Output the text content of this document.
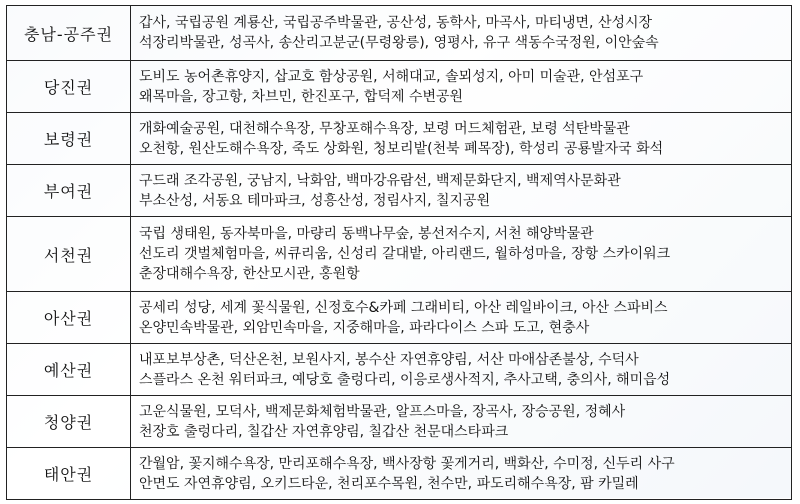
충남-공주권	갑사, 국립공원 계룡산, 국립공주박물관, 공산성, 동학사, 마곡사, 마티냉면, 산성시장
석장리박물관, 성곡사, 송산리고분군(무령왕릉), 영평사, 유구 색동수국정원, 이안숲속

당진권	도비도 농어촌휴양지, 삽교호 함상공원, 서해대교, 솔뫼성지, 아미 미술관, 안섬포구
왜목마을, 장고항, 차브민, 한진포구, 합덕제 수변공원

보령권	개화예술공원, 대천해수욕장, 무창포해수욕장, 보령 머드체험관, 보령 석탄박물관
오천항, 원산도해수욕장, 죽도 상화원, 청보리밭(천북 폐목장), 학성리 공룡발자국 화석

부여권	구드래 조각공원, 궁남지, 낙화암, 백마강유람선, 백제문화단지, 백제역사문화관
부소산성, 서동요 테마파크, 성흥산성, 정림사지, 칠지공원

서천권	국립 생태원, 동자북마을, 마량리 동백나무숲, 봉선저수지, 서천 해양박물관
선도리 갯벌체험마을, 씨큐리움, 신성리 갈대밭, 아리랜드, 월하성마을, 장항 스카이워크
춘장대해수욕장, 한산모시관, 홍원항

아산권	공세리 성당, 세계 꽃식물원, 신정호수&카페 그래비티, 아산 레일바이크, 아산 스파비스
온양민속박물관, 외암민속마을, 지중해마을, 파라다이스 스파 도고, 현충사

예산권	내포보부상촌, 덕산온천, 보원사지, 봉수산 자연휴양림, 서산 마애삼존불상, 수덕사
스플라스 온천 워터파크, 예당호 출렁다리, 이응로생사적지, 추사고택, 충의사, 해미읍성

청양권	고운식물원, 모덕사, 백제문화체험박물관, 알프스마을, 장곡사, 장승공원, 정혜사
천장호 출렁다리, 칠갑산 자연휴양림, 칠갑산 천문대스타파크

태안권	간월암, 꽃지해수욕장, 만리포해수욕장, 백사장항 꽃게거리, 백화산, 수미정, 신두리 사구
안면도 자연휴양림, 오키드타운, 천리포수목원, 천수만, 파도리해수욕장, 팜 카밀레
